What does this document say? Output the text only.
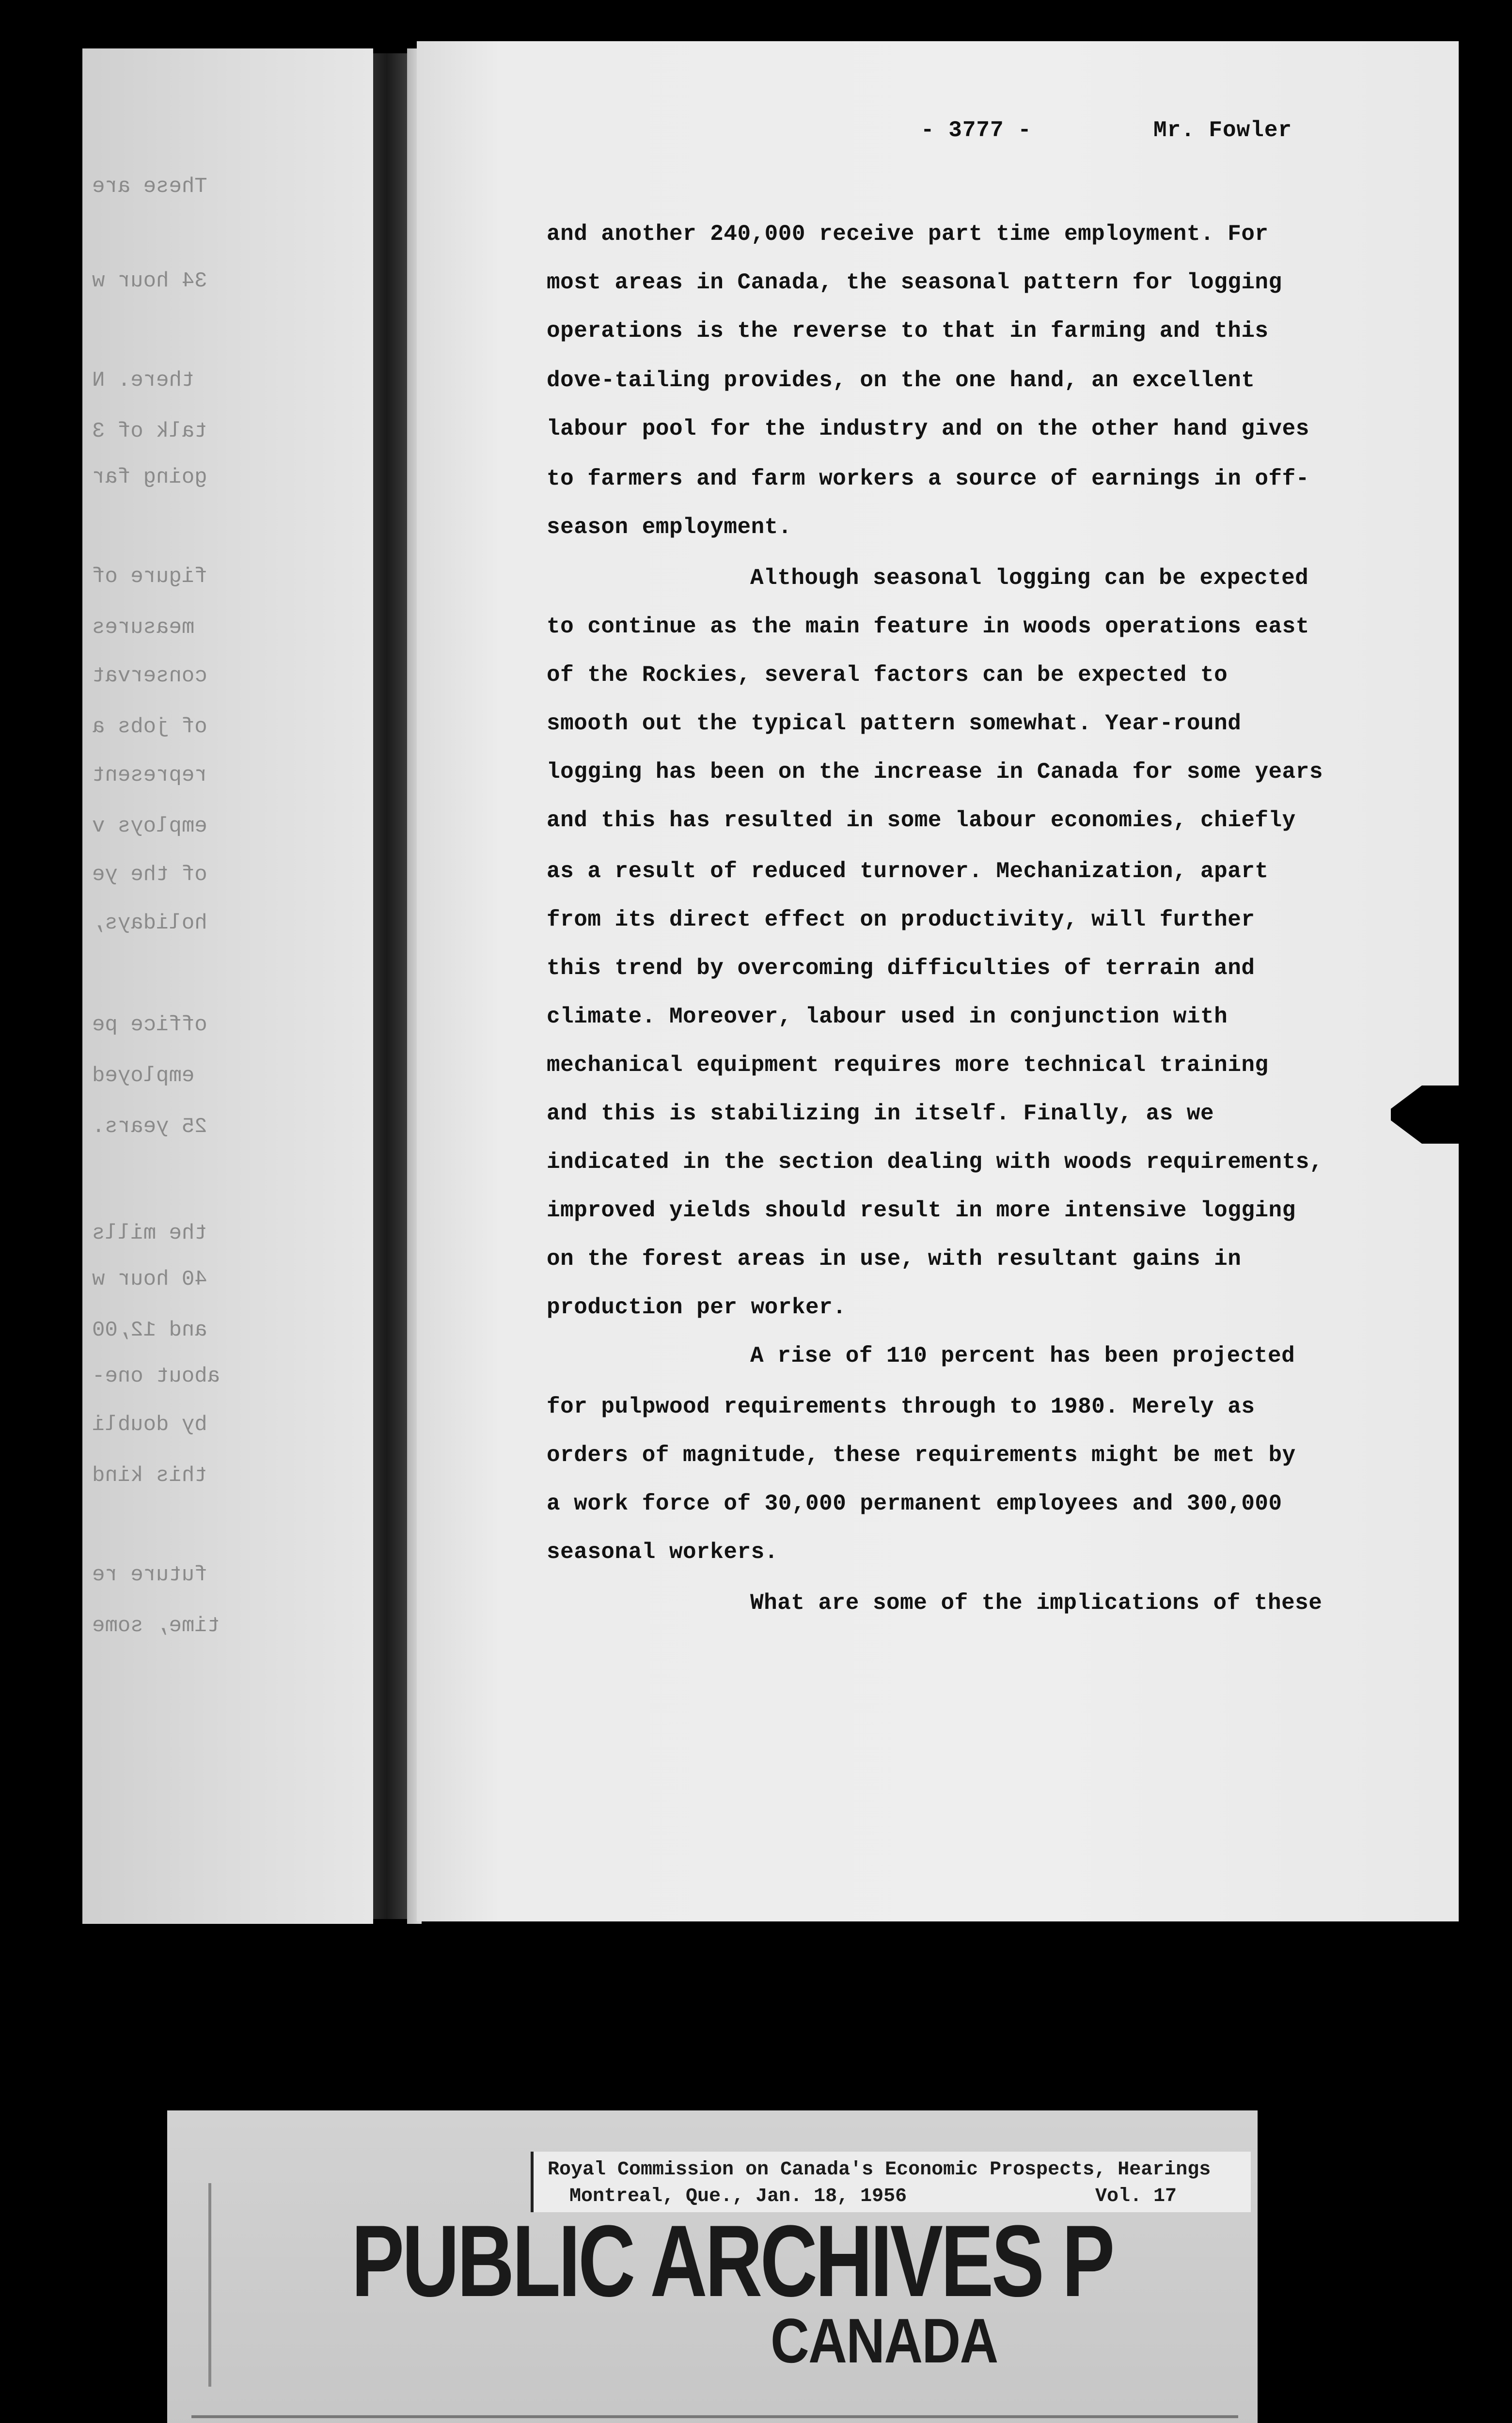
These are
34 hour w
there. N
talk of 3
going far
figure of
measures
conservat
of jobs a
represent
employs v
of the ye
holidays,
office pe
employed
25 years.
the mills
40 hour w
and 12,00
about one-
by doubli
this kind
future re
time, some
- 3777 -	Mr. Fowler
and another 240,000 receive part time employment. For
most areas in Canada, the seasonal pattern for logging
operations is the reverse to that in farming and this
dove-tailing provides, on the one hand, an excellent
labour pool for the industry and on the other hand gives
to farmers and farm workers a source of earnings in off-
season employment.
Although seasonal logging can be expected
to continue as the main feature in woods operations east
of the Rockies, several factors can be expected to
smooth out the typical pattern somewhat. Year-round
logging has been on the increase in Canada for some years
and this has resulted in some labour economies, chiefly
as a result of reduced turnover. Mechanization, apart
from its direct effect on productivity, will further
this trend by overcoming difficulties of terrain and
climate. Moreover, labour used in conjunction with
mechanical equipment requires more technical training
and this is stabilizing in itself. Finally, as we
indicated in the section dealing with woods requirements,
improved yields should result in more intensive logging
on the forest areas in use, with resultant gains in
production per worker.
A rise of 110 percent has been projected
for pulpwood requirements through to 1980. Merely as
orders of magnitude, these requirements might be met by
a work force of 30,000 permanent employees and 300,000
seasonal workers.
What are some of the implications of these
Royal Commission on Canada's Economic Prospects, Hearings
Montreal, Que., Jan. 18, 1956	Vol. 17
PUBLIC ARCHIVES P
CANADA
